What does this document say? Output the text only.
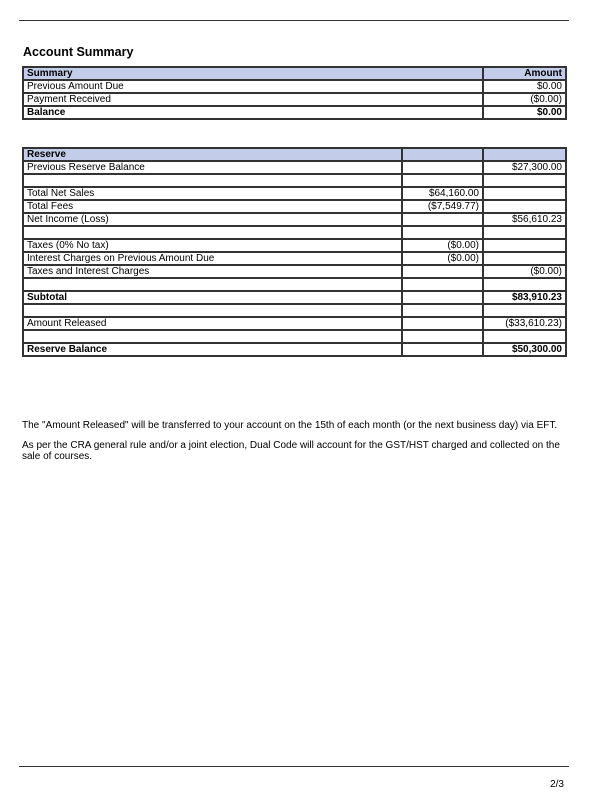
Account Summary
Summary	Amount
Previous Amount Due	$0.00
Payment Received	($0.00)
Balance	$0.00
Reserve		
Previous Reserve Balance		$27,300.00

Total Net Sales	$64,160.00	
Total Fees	($7,549.77)	
Net Income (Loss)		$56,610.23

Taxes (0% No tax)	($0.00)	
Interest Charges on Previous Amount Due	($0.00)	
Taxes and Interest Charges		($0.00)

Subtotal		$83,910.23

Amount Released		($33,610.23)

Reserve Balance		$50,300.00
The "Amount Released" will be transferred to your account on the 15th of each month (or the next business day) via EFT.
As per the CRA general rule and/or a joint election, Dual Code will account for the GST/HST charged and collected on the sale of courses.
2/3
